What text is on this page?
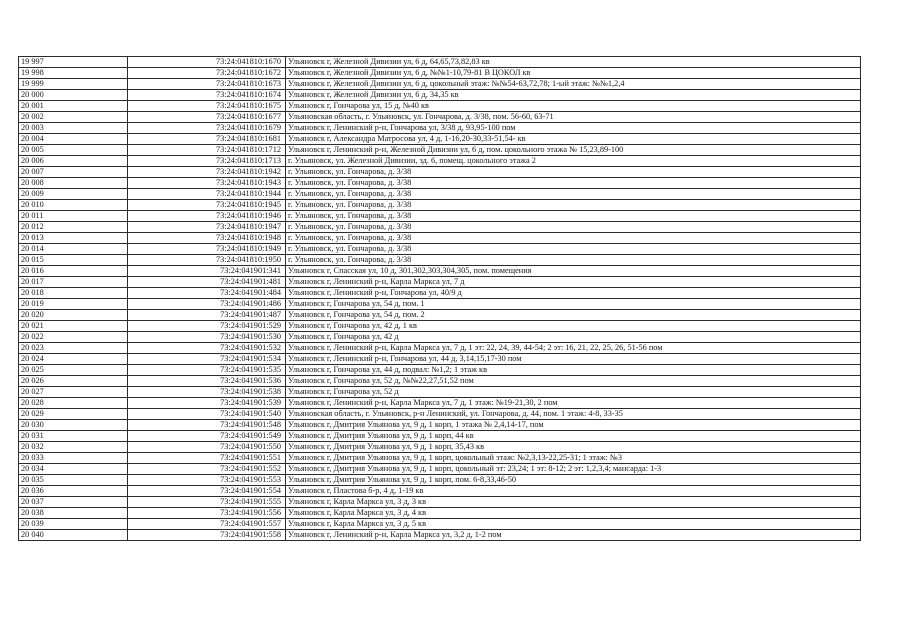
19 997	73:24:041810:1670	Ульяновск г, Железной Дивизии ул, 6 д, 64,65,73,82,83 кв
19 998	73:24:041810:1672	Ульяновск г, Железной Дивизии ул, 6 д, №№1-10,79-81 В ЦОКОЛ кв
19 999	73:24:041810:1673	Ульяновск г, Железной Дивизии ул, 6 д, цокольный этаж: №№54-63,72,78; 1-ый этаж: №№1,2,4
20 000	73:24:041810:1674	Ульяновск г, Железной Дивизии ул, 6 д, 34,35 кв
20 001	73:24:041810:1675	Ульяновск г, Гончарова ул, 15 д, №40 кв
20 002	73:24:041810:1677	Ульяновская область, г. Ульяновск, ул. Гончарова, д. 3/38, пом. 56-60, 63-71
20 003	73:24:041810:1679	Ульяновск г, Ленинский р-н, Гончарова ул, 3/38 д, 93,95-100 пом
20 004	73:24:041810:1681	Ульяновск г, Александра Матросова ул, 4 д, 1-16,20-30,33-51,54- кв
20 005	73:24:041810:1712	Ульяновск г, Ленинский р-н, Железной Дивизии ул, 6 д, пом. цокольного этажа № 15,23,89-100
20 006	73:24:041810:1713	г. Ульяновск, ул. Железной Дивизии, зд. 6, помещ. цокольного этажа 2
20 007	73:24:041810:1942	г. Ульяновск, ул. Гончарова, д. 3/38
20 008	73:24:041810:1943	г. Ульяновск, ул. Гончарова, д. 3/38
20 009	73:24:041810:1944	г. Ульяновск, ул. Гончарова, д. 3/38
20 010	73:24:041810:1945	г. Ульяновск, ул. Гончарова, д. 3/38
20 011	73:24:041810:1946	г. Ульяновск, ул. Гончарова, д. 3/38
20 012	73:24:041810:1947	г. Ульяновск, ул. Гончарова, д. 3/38
20 013	73:24:041810:1948	г. Ульяновск, ул. Гончарова, д. 3/38
20 014	73:24:041810:1949	г. Ульяновск, ул. Гончарова, д. 3/38
20 015	73:24:041810:1950	г. Ульяновск, ул. Гончарова, д. 3/38
20 016	73:24:041901:341	Ульяновск г, Спасская ул, 10 д, 301,302,303,304,305, пом. помещения
20 017	73:24:041901:481	Ульяновск г, Ленинский р-н, Карла Маркса ул, 7 д
20 018	73:24:041901:484	Ульяновск г, Ленинский р-н, Гончарова ул, 40/9 д
20 019	73:24:041901:486	Ульяновск г, Гончарова ул, 54 д, пом. 1
20 020	73:24:041901:487	Ульяновск г, Гончарова ул, 54 д, пом. 2
20 021	73:24:041901:529	Ульяновск г, Гончарова ул, 42 д, 1 кв
20 022	73:24:041901:530	Ульяновск г, Гончарова ул, 42 д
20 023	73:24:041901:532	Ульяновск г, Ленинский р-н, Карла Маркса ул, 7 д, 1 эт: 22, 24, 39, 44-54; 2 эт: 16, 21, 22, 25, 26, 51-56 пом
20 024	73:24:041901:534	Ульяновск г, Ленинский р-н, Гончарова ул, 44 д, 3,14,15,17-30 пом
20 025	73:24:041901:535	Ульяновск г, Гончарова ул, 44 д, подвал: №1,2; 1 этаж кв
20 026	73:24:041901:536	Ульяновск г, Гончарова ул, 52 д, №№22,27,51,52 пом
20 027	73:24:041901:538	Ульяновск г, Гончарова ул, 52 д
20 028	73:24:041901:539	Ульяновск г, Ленинский р-н, Карла Маркса ул, 7 д, 1 этаж: №19-21,30, 2 пом
20 029	73:24:041901:540	Ульяновская область, г. Ульяновск, р-н Ленинский, ул. Гончарова, д. 44, пом. 1 этаж: 4-8, 33-35
20 030	73:24:041901:548	Ульяновск г, Дмитрия Ульянова ул, 9 д, 1 корп, 1 этажа № 2,4,14-17, пом
20 031	73:24:041901:549	Ульяновск г, Дмитрия Ульянова ул, 9 д, 1 корп, 44 кв
20 032	73:24:041901:550	Ульяновск г, Дмитрия Ульянова ул, 9 д, 1 корп, 35,43 кв
20 033	73:24:041901:551	Ульяновск г, Дмитрия Ульянова ул, 9 д, 1 корп, цокольный этаж: №2,3,13-22,25-31; 1 этаж: №3
20 034	73:24:041901:552	Ульяновск г, Дмитрия Ульянова ул, 9 д, 1 корп, цокольный эт: 23,24; 1 эт: 8-12; 2 эт: 1,2,3,4; мансарда: 1-3
20 035	73:24:041901:553	Ульяновск г, Дмитрия Ульянова ул, 9 д, 1 корп, пом. 6-8,33,46-50
20 036	73:24:041901:554	Ульяновск г, Пластова б-р, 4 д, 1-19 кв
20 037	73:24:041901:555	Ульяновск г, Карла Маркса ул, 3 д, 3 кв
20 038	73:24:041901:556	Ульяновск г, Карла Маркса ул, 3 д, 4 кв
20 039	73:24:041901:557	Ульяновск г, Карла Маркса ул, 3 д, 5 кв
20 040	73:24:041901:558	Ульяновск г, Ленинский р-н, Карла Маркса ул, 3,2 д, 1-2 пом
